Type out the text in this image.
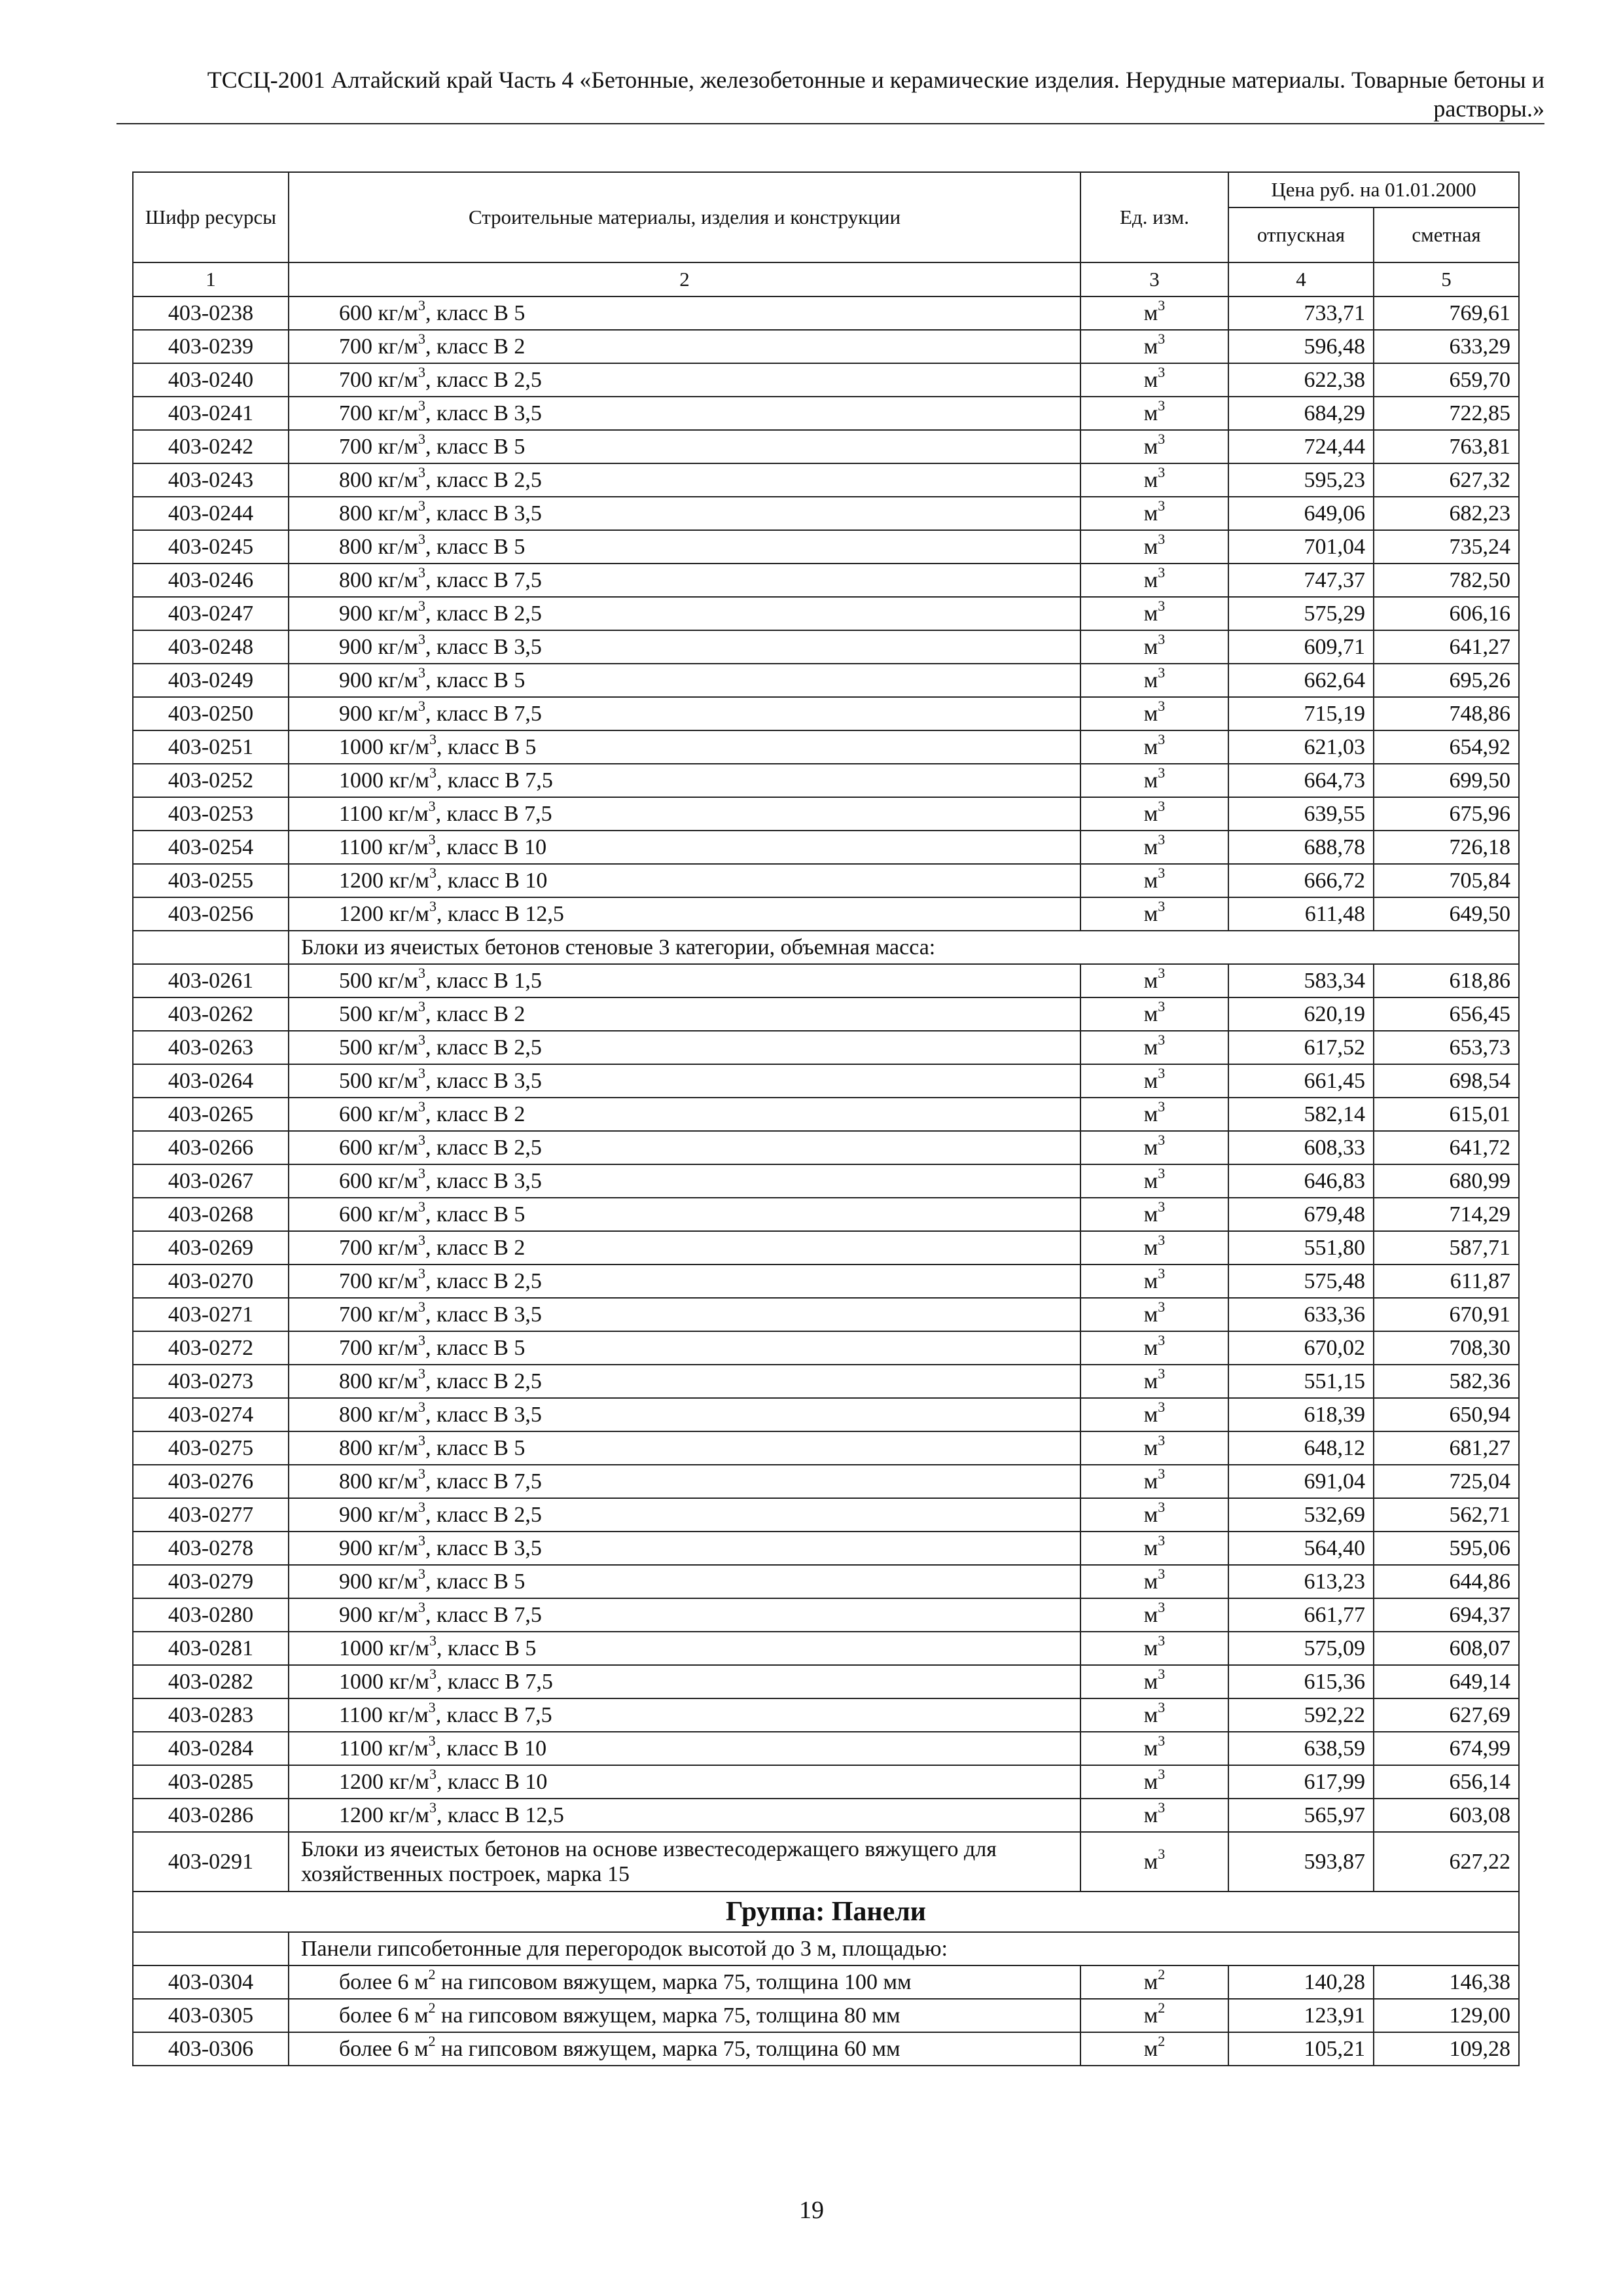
ТССЦ-2001 Алтайский край Часть 4 «Бетонные, железобетонные и керамические изделия. Нерудные материалы. Товарные бетоны и
растворы.»
Шифр ресурсы	Строительные материалы, изделия и конструкции	Ед. изм.	Цена руб. на 01.01.2000	
			отпускная	сметная
1	2	3	4	5
403-0238	600 $кг/м^3$, класс В 5	$м^3$	733,71	769,61
403-0239	700 $кг/м^3$, класс В 2	$м^3$	596,48	633,29
403-0240	700 $кг/м^3$, класс В 2,5	$м^3$	622,38	659,70
403-0241	700 $кг/м^3$, класс В 3,5	$м^3$	684,29	722,85
403-0242	700 $кг/м^3$, класс В 5	$м^3$	724,44	763,81
403-0243	800 $кг/м^3$, класс В 2,5	$м^3$	595,23	627,32
403-0244	800 $кг/м^3$, класс В 3,5	$м^3$	649,06	682,23
403-0245	800 $кг/м^3$, класс В 5	$м^3$	701,04	735,24
403-0246	800 $кг/м^3$, класс В 7,5	$м^3$	747,37	782,50
403-0247	900 $кг/м^3$, класс В 2,5	$м^3$	575,29	606,16
403-0248	900 $кг/м^3$, класс В 3,5	$м^3$	609,71	641,27
403-0249	900 $кг/м^3$, класс В 5	$м^3$	662,64	695,26
403-0250	900 $кг/м^3$, класс В 7,5	$м^3$	715,19	748,86
403-0251	1000 $кг/м^3$, класс В 5	$м^3$	621,03	654,92
403-0252	1000 $кг/м^3$, класс В 7,5	$м^3$	664,73	699,50
403-0253	1100 $кг/м^3$, класс В 7,5	$м^3$	639,55	675,96
403-0254	1100 $кг/м^3$, класс В 10	$м^3$	688,78	726,18
403-0255	1200 $кг/м^3$, класс В 10	$м^3$	666,72	705,84
403-0256	1200 $кг/м^3$, класс В 12,5	$м^3$	611,48	649,50
	Блоки из ячеистых бетонов стеновые 3 категории, объемная масса:			
403-0261	500 $кг/м^3$, класс В 1,5	$м^3$	583,34	618,86
403-0262	500 $кг/м^3$, класс В 2	$м^3$	620,19	656,45
403-0263	500 $кг/м^3$, класс В 2,5	$м^3$	617,52	653,73
403-0264	500 $кг/м^3$, класс В 3,5	$м^3$	661,45	698,54
403-0265	600 $кг/м^3$, класс В 2	$м^3$	582,14	615,01
403-0266	600 $кг/м^3$, класс В 2,5	$м^3$	608,33	641,72
403-0267	600 $кг/м^3$, класс В 3,5	$м^3$	646,83	680,99
403-0268	600 $кг/м^3$, класс В 5	$м^3$	679,48	714,29
403-0269	700 $кг/м^3$, класс В 2	$м^3$	551,80	587,71
403-0270	700 $кг/м^3$, класс В 2,5	$м^3$	575,48	611,87
403-0271	700 $кг/м^3$, класс В 3,5	$м^3$	633,36	670,91
403-0272	700 $кг/м^3$, класс В 5	$м^3$	670,02	708,30
403-0273	800 $кг/м^3$, класс В 2,5	$м^3$	551,15	582,36
403-0274	800 $кг/м^3$, класс В 3,5	$м^3$	618,39	650,94
403-0275	800 $кг/м^3$, класс В 5	$м^3$	648,12	681,27
403-0276	800 $кг/м^3$, класс В 7,5	$м^3$	691,04	725,04
403-0277	900 $кг/м^3$, класс В 2,5	$м^3$	532,69	562,71
403-0278	900 $кг/м^3$, класс В 3,5	$м^3$	564,40	595,06
403-0279	900 $кг/м^3$, класс В 5	$м^3$	613,23	644,86
403-0280	900 $кг/м^3$, класс В 7,5	$м^3$	661,77	694,37
403-0281	1000 $кг/м^3$, класс В 5	$м^3$	575,09	608,07
403-0282	1000 $кг/м^3$, класс В 7,5	$м^3$	615,36	649,14
403-0283	1100 $кг/м^3$, класс В 7,5	$м^3$	592,22	627,69
403-0284	1100 $кг/м^3$, класс В 10	$м^3$	638,59	674,99
403-0285	1200 $кг/м^3$, класс В 10	$м^3$	617,99	656,14
403-0286	1200 $кг/м^3$, класс В 12,5	$м^3$	565,97	603,08
403-0291	Блоки из ячеистых бетонов на основе известесодержащего вяжущего для
хозяйственных построек, марка 15	$м^3$	593,87	627,22
Группа: Панели				
	Панели гипсобетонные для перегородок высотой до 3 м, площадью:			
403-0304	более 6 $м^2$ на гипсовом вяжущем, марка 75, толщина 100 мм	$м^2$	140,28	146,38
403-0305	более 6 $м^2$ на гипсовом вяжущем, марка 75, толщина 80 мм	$м^2$	123,91	129,00
403-0306	более 6 $м^2$ на гипсовом вяжущем, марка 75, толщина 60 мм	$м^2$	105,21	109,28
19
